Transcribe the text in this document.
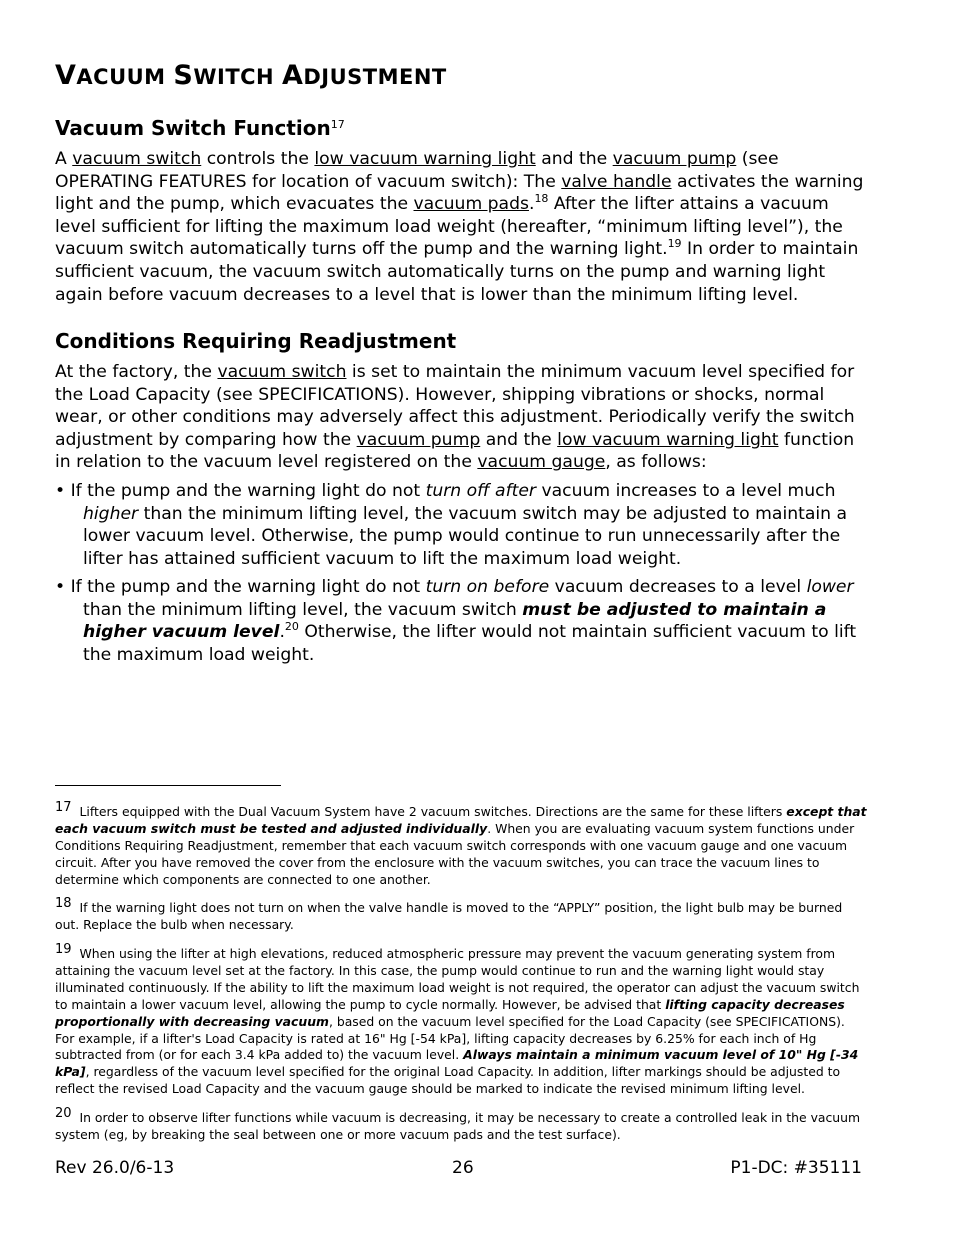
VACUUM SWITCH ADJUSTMENT
Vacuum Switch Function$^{17}$
A vacuum switch controls the low vacuum warning light and the vacuum pump (see OPERATING FEATURES for location of vacuum switch): The valve handle activates the warning light and the pump, which evacuates the vacuum pads.$^{18}$ After the lifter attains a vacuum level sufficient for lifting the maximum load weight (hereafter, “minimum lifting level”), the vacuum switch automatically turns off the pump and the warning light.$^{19}$ In order to maintain sufficient vacuum, the vacuum switch automatically turns on the pump and warning light again before vacuum decreases to a level that is lower than the minimum lifting level.
Conditions Requiring Readjustment
At the factory, the vacuum switch is set to maintain the minimum vacuum level specified for the Load Capacity (see SPECIFICATIONS). However, shipping vibrations or shocks, normal wear, or other conditions may adversely affect this adjustment. Periodically verify the switch adjustment by comparing how the vacuum pump and the low vacuum warning light function in relation to the vacuum level registered on the vacuum gauge, as follows:
• If the pump and the warning light do not turn off after vacuum increases to a level much higher than the minimum lifting level, the vacuum switch may be adjusted to maintain a lower vacuum level. Otherwise, the pump would continue to run unnecessarily after the lifter has attained sufficient vacuum to lift the maximum load weight.
• If the pump and the warning light do not turn on before vacuum decreases to a level lower than the minimum lifting level, the vacuum switch must be adjusted to maintain a higher vacuum level.$^{20}$ Otherwise, the lifter would not maintain sufficient vacuum to lift the maximum load weight.
17 Lifters equipped with the Dual Vacuum System have 2 vacuum switches. Directions are the same for these lifters except that each vacuum switch must be tested and adjusted individually. When you are evaluating vacuum system functions under Conditions Requiring Readjustment, remember that each vacuum switch corresponds with one vacuum gauge and one vacuum circuit. After you have removed the cover from the enclosure with the vacuum switches, you can trace the vacuum lines to determine which components are connected to one another.
18 If the warning light does not turn on when the valve handle is moved to the “APPLY” position, the light bulb may be burned out. Replace the bulb when necessary.
19 When using the lifter at high elevations, reduced atmospheric pressure may prevent the vacuum generating system from attaining the vacuum level set at the factory. In this case, the pump would continue to run and the warning light would stay illuminated continuously. If the ability to lift the maximum load weight is not required, the operator can adjust the vacuum switch to maintain a lower vacuum level, allowing the pump to cycle normally. However, be advised that lifting capacity decreases proportionally with decreasing vacuum, based on the vacuum level specified for the Load Capacity (see SPECIFICATIONS). For example, if a lifter's Load Capacity is rated at 16" Hg [-54 kPa], lifting capacity decreases by 6.25% for each inch of Hg subtracted from (or for each 3.4 kPa added to) the vacuum level. Always maintain a minimum vacuum level of 10" Hg [-34 kPa], regardless of the vacuum level specified for the original Load Capacity. In addition, lifter markings should be adjusted to reflect the revised Load Capacity and the vacuum gauge should be marked to indicate the revised minimum lifting level.
20 In order to observe lifter functions while vacuum is decreasing, it may be necessary to create a controlled leak in the vacuum system (eg, by breaking the seal between one or more vacuum pads and the test surface).
Rev 26.0/6-13	26	P1-DC: #35111
